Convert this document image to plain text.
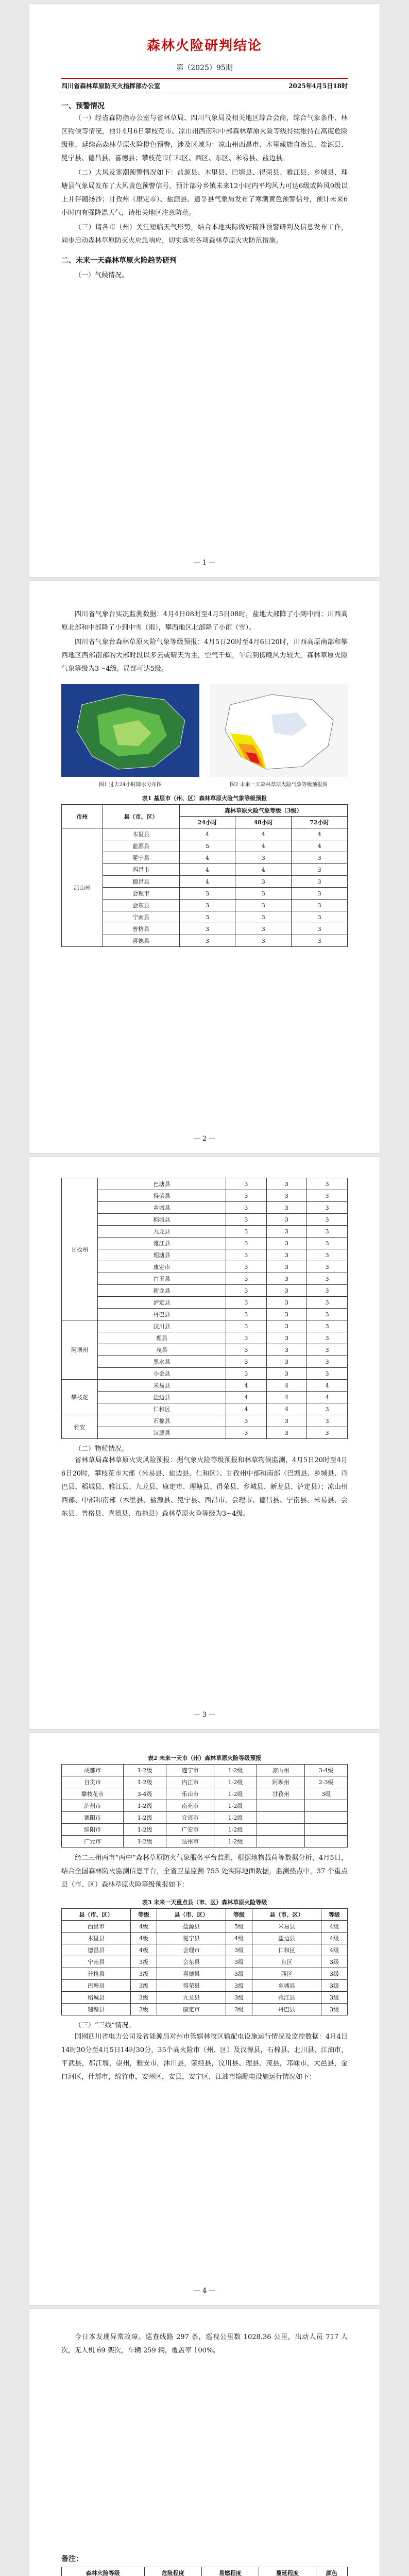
森林火险研判结论
第（2025）95期
四川省森林草原防灭火指挥部办公室	2025年4月5日18时
一、预警情况

（一）经省森防指办公室与省林草局、四川气象局及相关地区综合会商，综合气象条件、林区物候等情况，预计4月6日攀枝花市、凉山州西南和中部森林草原火险等级持续维持在高度危险级别，延续高森林草原火险橙色预警，涉及区域为：凉山州西昌市、木里藏族自治县、盐源县、冕宁县、德昌县、喜德县；攀枝花市仁和区、西区、东区、米易县、盐边县。

（二）大风及寒潮预警情况如下：盐源县、木里县、巴塘县、得荣县、雅江县、乡城县、理塘县气象局发布了大风黄色预警信号，预计部分乡镇未来12小时内平均风力可达6级或阵风9级以上并伴随扬沙；甘孜州（康定市）、盐源县、道孚县气象局发布了寒潮黄色预警信号，预计未来6小时内有强降温天气，请相关地区注意防范。

（三）请各市（州）关注短临天气形势，结合本地实际做好精准预警研判及信息发布工作，同步启动森林草原防灭火应急响应，切实落实各项森林草原火灾防范措施。

二、未来一天森林草原火险趋势研判
（一）气候情况。
— 1 —

四川省气象台实况监测数据：4月4日08时至4月5日08时，盐地大部降了小到中雨；川西高原北部和中部降了小到中雪（雨），攀西地区北部降了小雨（雪）。

四川省气象台森林草原火险气象等级预报：4月5日20时至4月6日20时，川西高原南部和攀西地区西部南部的大部时段以多云或晴天为主，空气干燥，午后到傍晚风力较大，森林草原火险气象等级为3～4级。局部可达5级。

图1 过去24小时降水分布图	图2 未来一天森林草原火险气象等级预报图
表1 基层市（州、区）森林草原火险气象等级预报
市州	县（市、区）	森林草原火险气象等级（3级）		
		24小时	48小时	72小时
凉山州	木里县	4	4	4
	盐源县	5	4	4
	冕宁县	4	3	3
	西昌市	4	4	3
	德昌县	4	3	3
	会理市	3	3	3
	会东县	3	3	3
	宁南县	3	3	3
	普格县	3	3	3
	喜德县	3	3	3
— 2 —
甘孜州	巴塘县	3	3	3
	得荣县	3	3	3
	乡城县	3	3	3
	稻城县	3	3	3
	九龙县	3	3	3
	雅江县	3	3	3
	理塘县	3	3	3
	康定市	3	3	3
	白玉县	3	3	3
	新龙县	3	3	3
	泸定县	3	3	3
	丹巴县	3	3	3
阿坝州	汶川县	3	3	3
	理县	3	3	3
	茂县	3	3	3
	黑水县	3	3	3
	小金县	3	3	3
攀枝花	米易县	4	4	4
	盐边县	4	4	4
	仁和区	4	4	3
雅安	石棉县	3	3	3
	汉源县	3	3	3
（二）物候情况。

省林草局森林草原火灾风险预报：据气象火险等级预报和林草物候监测，4月5日20时至4月6日20时，攀枝花市大部（米易县、盐边县、仁和区）、甘孜州中部和南部（巴塘县、乡城县、丹巴县、稻城县、雅江县、九龙县、康定市、理塘县、得荣县、乡城县、新龙县、泸定县）；凉山州西部、中部和南部（木里县、盐源县、冕宁县、西昌市、会理市、德昌县、宁南县、米易县、会东县、普格县、喜德县、布拖县）森林草原火险等级为3~4级。

— 3 —
表2 未来一天市（州）森林草原火险等级预报
成都市	1-2级	遂宁市	1-2级	凉山州	3-4级
自贡市	1-2级	内江市	1-2级	阿坝州	2-3级
攀枝花市	3-4级	乐山市	1-2级	甘孜州	3级
泸州市	1-2级	南充市	1-2级		
德阳市	1-2级	宜宾市	1-2级		
绵阳市	1-2级	广安市	1-2级		
广元市	1-2级	达州市	1-2级		

经二三州两市“两中”森林草原防火气象服务平台监测，根据地物载荷等数据分析，4月5日，结合全国森林防火监测信息平台，全省卫星监测 755 处实际地面数据，监测热点中，37 个重点县（市、区）森林草原火险等级预报如下：

表3 未来一天重点县（市、区）森林草原火险等级
县（市、区）	等级	县（市、区）	等级	县（市、区）	等级
西昌市	4级	盐源县	5级	米易县	4级
木里县	4级	冕宁县	4级	盐边县	4级
德昌县	4级	会理市	3级	仁和区	4级
宁南县	3级	会东县	3级	东区	3级
普格县	3级	喜德县	3级	西区	3级
巴塘县	3级	得荣县	3级	乡城县	3级
稻城县	3级	九龙县	3级	雅江县	3级
理塘县	3级	康定市	3级	丹巴县	3级
（三）“三线”情况。

国网四川省电力公司及省能源局对州市管辖林牧区输配电设施运行情况及监控数据：4月4日14时30分至4月5日14时30分，35个高火险市（州、区）及汉源县，石棉县、北川县、江油市，平武县，都江堰，崇州，雅安市，沐川县，荥经县，汶川县、理县、茂县，邛崃市，大邑县，金口河区，什邡市，绵竹市，安州区，安县，安宁区，江油市输配电设施运行情况如下：

— 4 —

今日本发现异常故障。巡查线路 297 条，巡视公里数 1028.36 公里，出动人员 717 人次，无人机 69 架次，车辆 259 辆，覆盖率 100%。

备注：
森林火险等级	危险程度	易燃程度	蔓延程度	颜色
